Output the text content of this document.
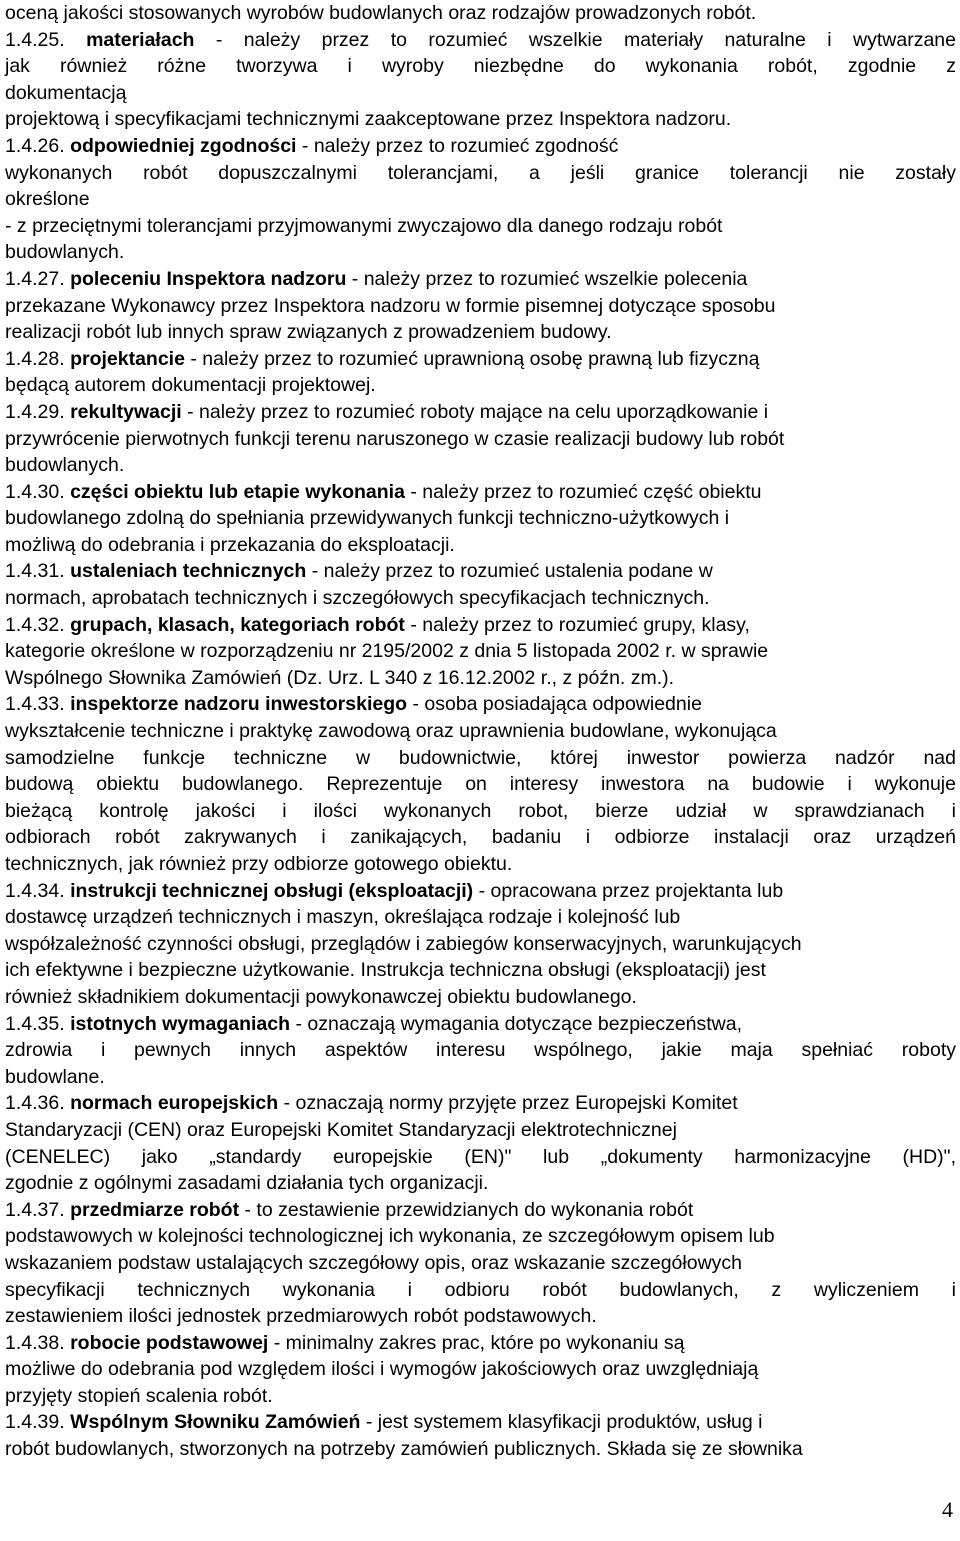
oceną jakości stosowanych wyrobów budowlanych oraz rodzajów prowadzonych robót.
1.4.25. materiałach - należy przez to rozumieć wszelkie materiały naturalne i wytwarzane
jak również różne tworzywa i wyroby niezbędne do wykonania robót, zgodnie z
dokumentacją
projektową i specyfikacjami technicznymi zaakceptowane przez Inspektora nadzoru.
1.4.26. odpowiedniej zgodności - należy przez to rozumieć zgodność
wykonanych robót dopuszczalnymi tolerancjami, a jeśli granice tolerancji nie zostały
określone
- z przeciętnymi tolerancjami przyjmowanymi zwyczajowo dla danego rodzaju robót
budowlanych.
1.4.27. poleceniu Inspektora nadzoru - należy przez to rozumieć wszelkie polecenia
przekazane Wykonawcy przez Inspektora nadzoru w formie pisemnej dotyczące sposobu
realizacji robót lub innych spraw związanych z prowadzeniem budowy.
1.4.28. projektancie - należy przez to rozumieć uprawnioną osobę prawną lub fizyczną
będącą autorem dokumentacji projektowej.
1.4.29. rekultywacji - należy przez to rozumieć roboty mające na celu uporządkowanie i
przywrócenie pierwotnych funkcji terenu naruszonego w czasie realizacji budowy lub robót
budowlanych.
1.4.30. części obiektu lub etapie wykonania - należy przez to rozumieć część obiektu
budowlanego zdolną do spełniania przewidywanych funkcji techniczno-użytkowych i
możliwą do odebrania i przekazania do eksploatacji.
1.4.31. ustaleniach technicznych - należy przez to rozumieć ustalenia podane w
normach, aprobatach technicznych i szczegółowych specyfikacjach technicznych.
1.4.32. grupach, klasach, kategoriach robót - należy przez to rozumieć grupy, klasy,
kategorie określone w rozporządzeniu nr 2195/2002 z dnia 5 listopada 2002 r. w sprawie
Wspólnego Słownika Zamówień (Dz. Urz. L 340 z 16.12.2002 r., z późn. zm.).
1.4.33. inspektorze nadzoru inwestorskiego - osoba posiadająca odpowiednie
wykształcenie techniczne i praktykę zawodową oraz uprawnienia budowlane, wykonująca
samodzielne funkcje techniczne w budownictwie, której inwestor powierza nadzór nad
budową obiektu budowlanego. Reprezentuje on interesy inwestora na budowie i wykonuje
bieżącą kontrolę jakości i ilości wykonanych robot, bierze udział w sprawdzianach i
odbiorach robót zakrywanych i zanikających, badaniu i odbiorze instalacji oraz urządzeń
technicznych, jak również przy odbiorze gotowego obiektu.
1.4.34. instrukcji technicznej obsługi (eksploatacji) - opracowana przez projektanta lub
dostawcę urządzeń technicznych i maszyn, określająca rodzaje i kolejność lub
współzależność czynności obsługi, przeglądów i zabiegów konserwacyjnych, warunkujących
ich efektywne i bezpieczne użytkowanie. Instrukcja techniczna obsługi (eksploatacji) jest
również składnikiem dokumentacji powykonawczej obiektu budowlanego.
1.4.35. istotnych wymaganiach - oznaczają wymagania dotyczące bezpieczeństwa,
zdrowia i pewnych innych aspektów interesu wspólnego, jakie maja spełniać roboty
budowlane.
1.4.36. normach europejskich - oznaczają normy przyjęte przez Europejski Komitet
Standaryzacji (CEN) oraz Europejski Komitet Standaryzacji elektrotechnicznej
(CENELEC) jako „standardy europejskie (EN)" lub „dokumenty harmonizacyjne (HD)",
zgodnie z ogólnymi zasadami działania tych organizacji.
1.4.37. przedmiarze robót - to zestawienie przewidzianych do wykonania robót
podstawowych w kolejności technologicznej ich wykonania, ze szczegółowym opisem lub
wskazaniem podstaw ustalających szczegółowy opis, oraz wskazanie szczegółowych
specyfikacji technicznych wykonania i odbioru robót budowlanych, z wyliczeniem i
zestawieniem ilości jednostek przedmiarowych robót podstawowych.
1.4.38. robocie podstawowej - minimalny zakres prac, które po wykonaniu są
możliwe do odebrania pod względem ilości i wymogów jakościowych oraz uwzględniają
przyjęty stopień scalenia robót.
1.4.39. Wspólnym Słowniku Zamówień - jest systemem klasyfikacji produktów, usług i
robót budowlanych, stworzonych na potrzeby zamówień publicznych. Składa się ze słownika
4
